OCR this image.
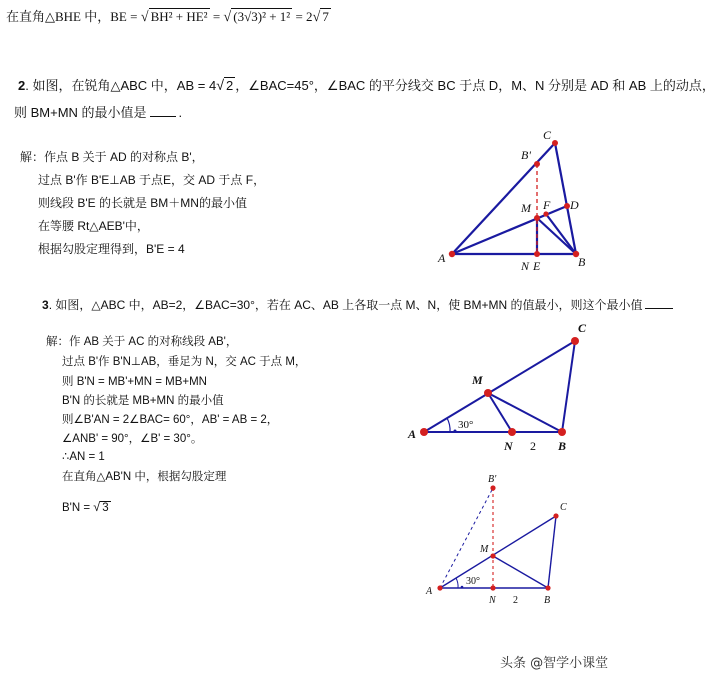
在直角△BHE 中，BE = √ BH² + HE² = √ (3√3)² + 1² = 2√ 7
2. 如图，在锐角△ABC 中，AB = 4√ 2 ，∠BAC=45°，∠BAC 的平分线交 BC 于点 D，M、N 分别是 AD 和 AB 上的动点，
则 BM+MN 的最小值是 .
解：作点 B 关于 AD 的对称点 B'，
过点 B'作 B'E⊥AB 于点E，交 AD 于点 F，
则线段 B'E 的长就是 BM＋MN的最小值
在等腰 Rt△AEB'中，
根据勾股定理得到，B'E = 4
C
B'
D
M F
A
N E	B
3. 如图，△ABC 中，AB=2，∠BAC=30°，若在 AC、AB 上各取一点 M、N，使 BM+MN 的值最小，则这个最小值
解：作 AB 关于 AC 的对称线段 AB'，
过点 B'作 B'N⊥AB，垂足为 N，交 AC 于点 M，
则 B'N = MB'+MN = MB+MN
B'N 的长就是 MB+MN 的最小值
则∠B'AN = 2∠BAC= 60°，AB' = AB = 2，
∠ANB' = 90°，∠B' = 30°。
∴AN = 1
在直角△AB'N 中，根据勾股定理
B'N = √ 3
C
M
A
30°
N 2 B
B'
C
M
A
30°
N 2	B
头条 @智学小课堂
